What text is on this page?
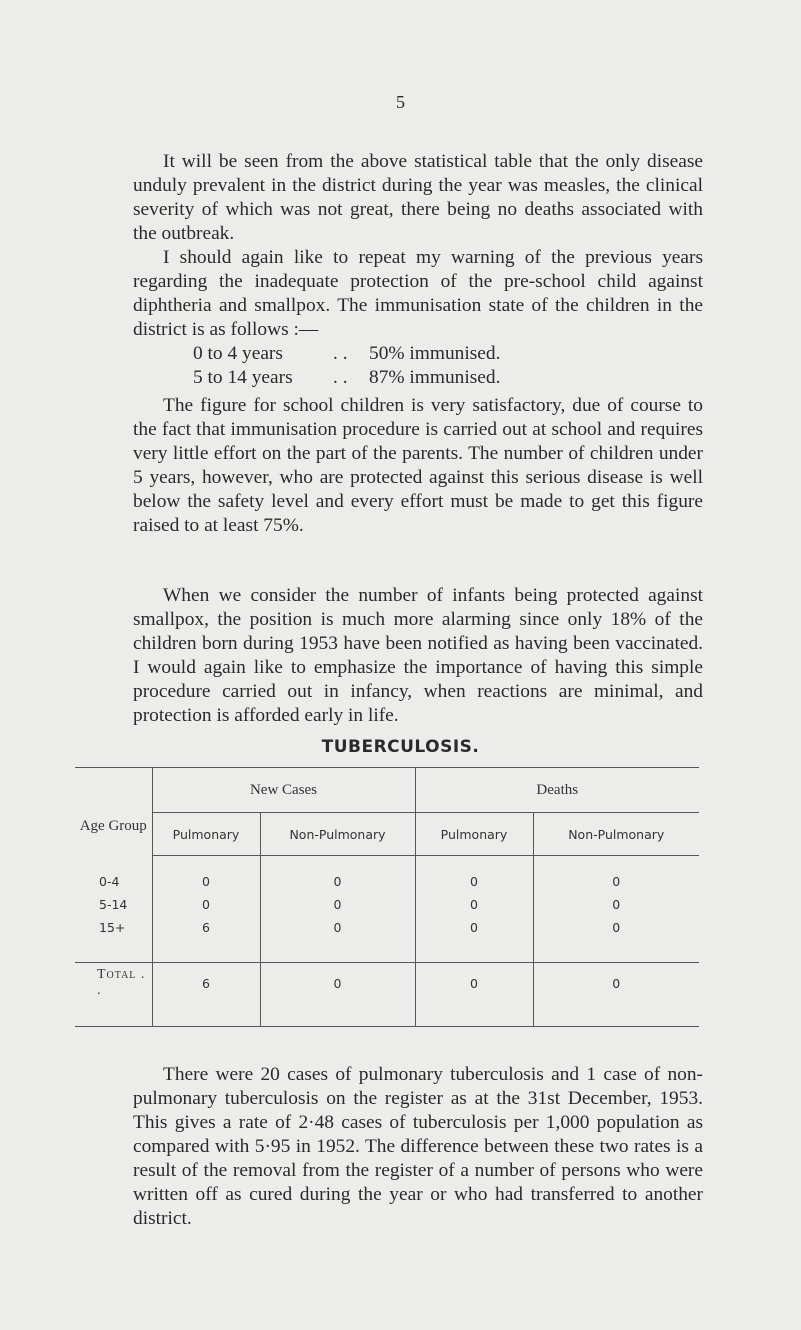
5

It will be seen from the above statistical table that the only disease unduly prevalent in the district during the year was measles, the clinical severity of which was not great, there being no deaths associated with the outbreak.

I should again like to repeat my warning of the previous years regarding the inadequate protection of the pre-school child against diphtheria and smallpox. The immunisation state of the children in the district is as follows :—

0 to 4 years	. . 50% immunised.
5 to 14 years . . 87% immunised.

The figure for school children is very satisfactory, due of course to the fact that immunisation procedure is carried out at school and requires very little effort on the part of the parents. The number of children under 5 years, however, who are protected against this serious disease is well below the safety level and every effort must be made to get this figure raised to at least 75%.

When we consider the number of infants being protected against smallpox, the position is much more alarming since only 18% of the children born during 1953 have been notified as having been vaccinated. I would again like to emphasize the importance of having this simple procedure carried out in infancy, when reactions are minimal, and protection is afforded early in life.

TUBERCULOSIS.

Age Group	New Cases		Deaths	
	Pulmonary	Non-Pulmonary	Pulmonary	Non-Pulmonary
0-4	0	0	0	0
5-14	0	0	0	0
15+	6	0	0	0

Total . .	6	0	0	0

There were 20 cases of pulmonary tuberculosis and 1 case of non-pulmonary tuberculosis on the register as at the 31st December, 1953. This gives a rate of 2·48 cases of tuberculosis per 1,000 population as compared with 5·95 in 1952. The difference between these two rates is a result of the removal from the register of a number of persons who were written off as cured during the year or who had transferred to another district.
